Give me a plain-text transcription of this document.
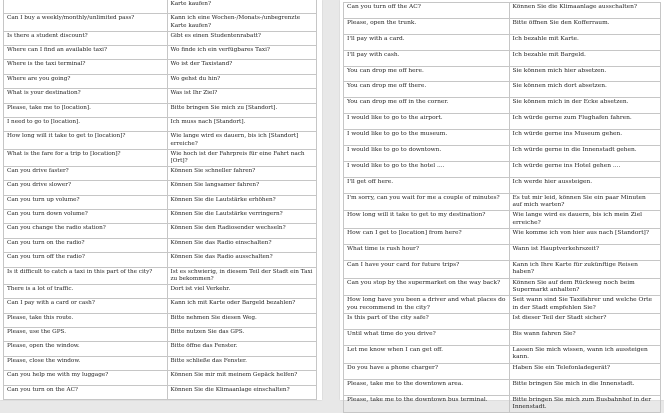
	Karte kaufen?
Can I buy a weekly/monthly/unlimited pass?	Kann ich eine Wochen-/Monats-/unbegrenzte Karte kaufen?
Is there a student discount?	Gibt es einen Studentenrabatt?
Where can I find an available taxi?	Wo finde ich ein verfügbares Taxi?
Where is the taxi terminal?	Wo ist der Taxistand?
Where are you going?	Wo gehst du hin?
What is your destination?	Was ist Ihr Ziel?
Please, take me to [location].	Bitte bringen Sie mich zu [Standort].
I need to go to [location].	Ich muss nach [Standort].
How long will it take to get to [location]?	Wie lange wird es dauern, bis ich [Standort] erreiche?
What is the fare for a trip to [location]?	Wie hoch ist der Fahrpreis für eine Fahrt nach [Ort]?
Can you drive faster?	Können Sie schneller fahren?
Can you drive slower?	Können Sie langsamer fahren?
Can you turn up volume?	Können Sie die Lautstärke erhöhen?
Can you turn down volume?	Können Sie die Lautstärke verringern?
Can you change the radio station?	Können Sie den Radiosender wechseln?
Can you turn on the radio?	Können Sie das Radio einschalten?
Can you turn off the radio?	Können Sie das Radio ausschalten?
Is it difficult to catch a taxi in this part of the city?	Ist es schwierig, in diesem Teil der Stadt ein Taxi zu bekommen?
There is a lot of traffic.	Dort ist viel Verkehr.
Can I pay with a card or cash?	Kann ich mit Karte oder Bargeld bezahlen?
Please, take this route.	Bitte nehmen Sie diesen Weg.
Please, use the GPS.	Bitte nutzen Sie das GPS.
Please, open the window.	Bitte öffne das Fenster.
Please, close the window.	Bitte schließe das Fenster.
Can you help me with my luggage?	Können Sie mir mit meinem Gepäck helfen?
Can you turn on the AC?	Können Sie die Klimaanlage einschalten?
Can you turn off the AC?	Können Sie die Klimaanlage ausschalten?
Please, open the trunk.	Bitte öffnen Sie den Kofferraum.
I'll pay with a card.	Ich bezahle mit Karte.
I'll pay with cash.	Ich bezahle mit Bargeld.
You can drop me off here.	Sie können mich hier absetzen.
You can drop me off there.	Sie können mich dort absetzen.
You can drop me off in the corner.	Sie können mich in der Ecke absetzen.
I would like to go to the airport.	Ich würde gerne zum Flughafen fahren.
I would like to go to the museum.	Ich würde gerne ins Museum gehen.
I would like to go to downtown.	Ich würde gerne in die Innenstadt gehen.
I would like to go to the hotel ....	Ich würde gerne ins Hotel gehen ....
I'll get off here.	Ich werde hier aussteigen.
I'm sorry, can you wait for me a couple of minutes?	Es tut mir leid, können Sie ein paar Minuten auf mich warten?
How long will it take to get to my destination?	Wie lange wird es dauern, bis ich mein Ziel erreiche?
How can I get to [location] from here?	Wie komme ich von hier aus nach [Standort]?
What time is rush hour?	Wann ist Hauptverkehrszeit?
Can I have your card for future trips?	Kann ich Ihre Karte für zukünftige Reisen haben?
Can you stop by the supermarket on the way back?	Können Sie auf dem Rückweg noch beim Supermarkt anhalten?
How long have you been a driver and what places do you recommend in the city?	Seit wann sind Sie Taxifahrer und welche Orte in der Stadt empfehlen Sie?
Is this part of the city safe?	Ist dieser Teil der Stadt sicher?
Until what time do you drive?	Bis wann fahren Sie?
Let me know when I can get off.	Lassen Sie mich wissen, wann ich aussteigen kann.
Do you have a phone charger?	Haben Sie ein Telefonladegerät?
Please, take me to the downtown area.	Bitte bringen Sie mich in die Innenstadt.
Please, take me to the downtown bus terminal.	Bitte bringen Sie mich zum Busbahnhof in der Innenstadt.
